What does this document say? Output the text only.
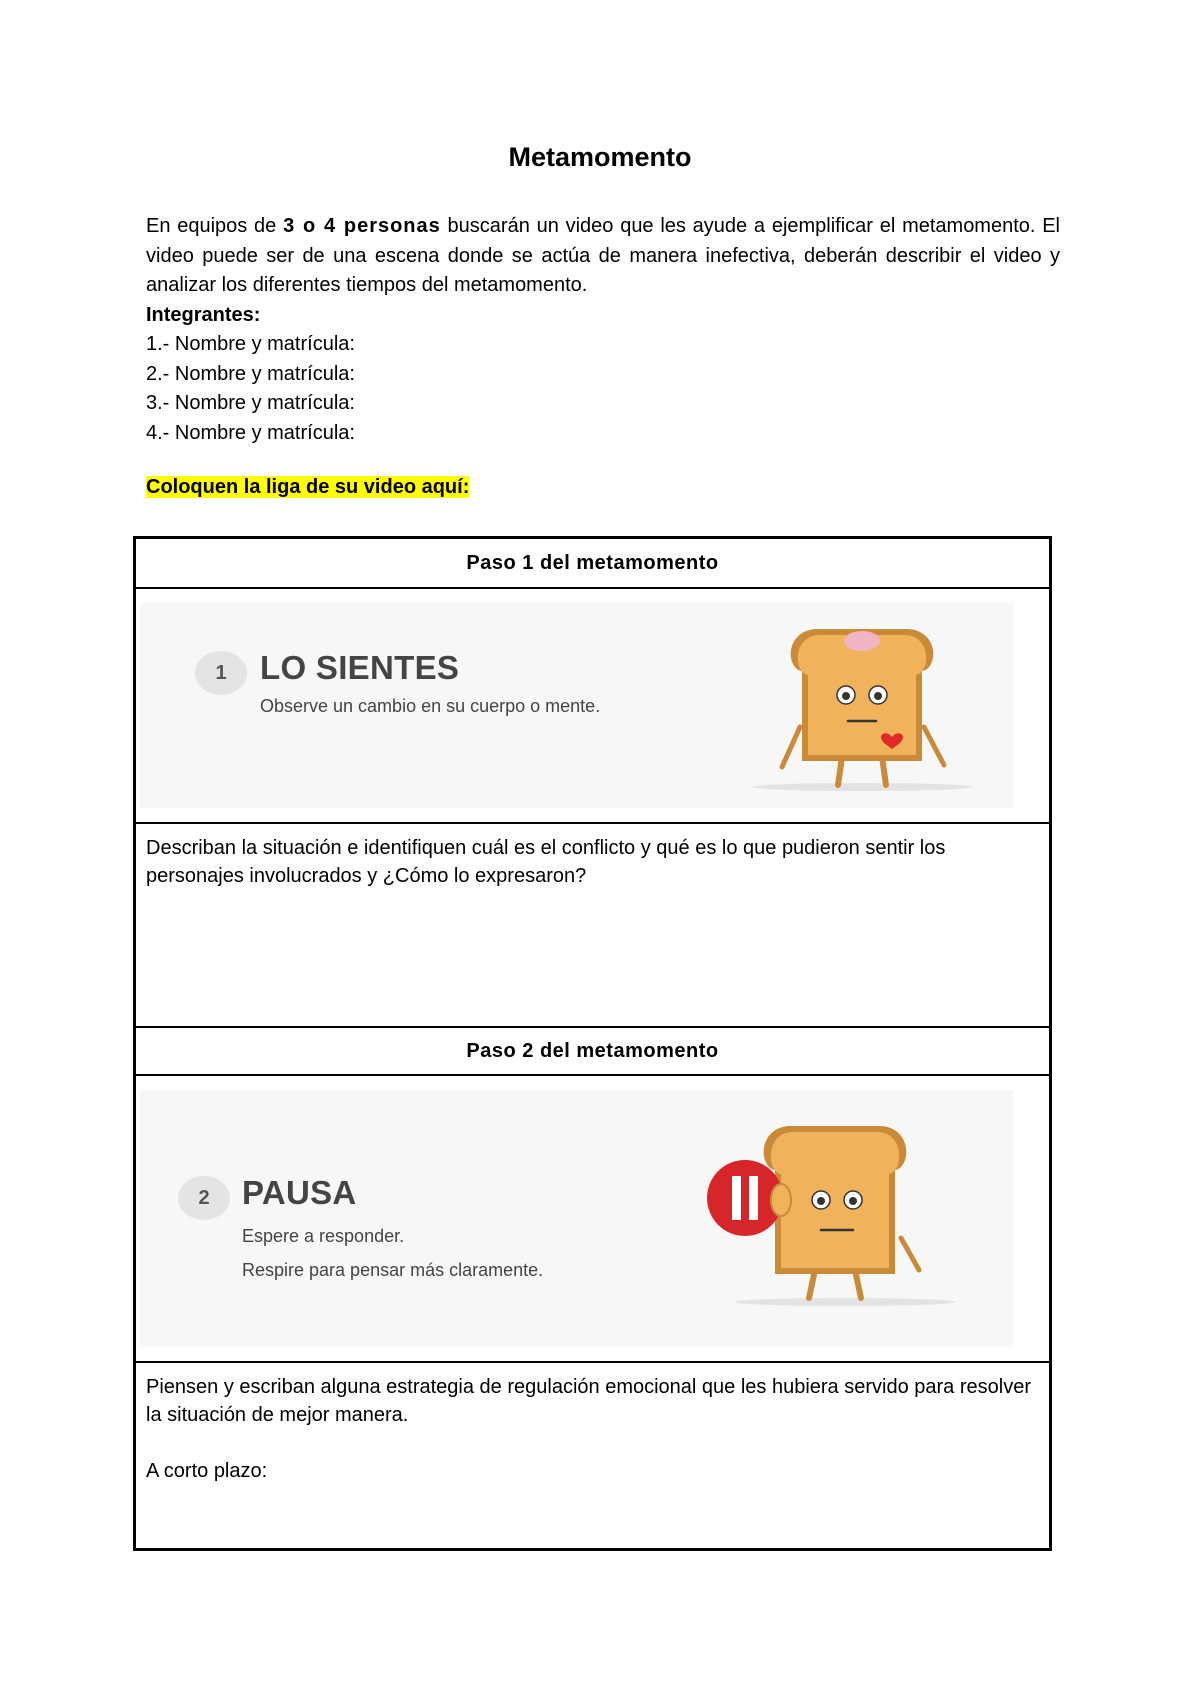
Metamomento

En equipos de 3 o 4 personas buscarán un video que les ayude a ejemplificar el metamomento. El video puede ser de una escena donde se actúa de manera inefectiva, deberán describir el video y analizar los diferentes tiempos del metamomento.

Integrantes:

1.- Nombre y matrícula:
2.- Nombre y matrícula:
3.- Nombre y matrícula:
4.- Nombre y matrícula:
Coloquen la liga de su video aquí:
Paso 1 del metamomento
1	LO SIENTES
Observe un cambio en su cuerpo o mente.

Describan la situación e identifiquen cuál es el conflicto y qué es lo que pudieron sentir los personajes involucrados y ¿Cómo lo expresaron?

Paso 2 del metamomento
2 PAUSA
Espere a responder.
Respire para pensar más claramente.

Piensen y escriban alguna estrategia de regulación emocional que les hubiera servido para resolver la situación de mejor manera.

A corto plazo:
